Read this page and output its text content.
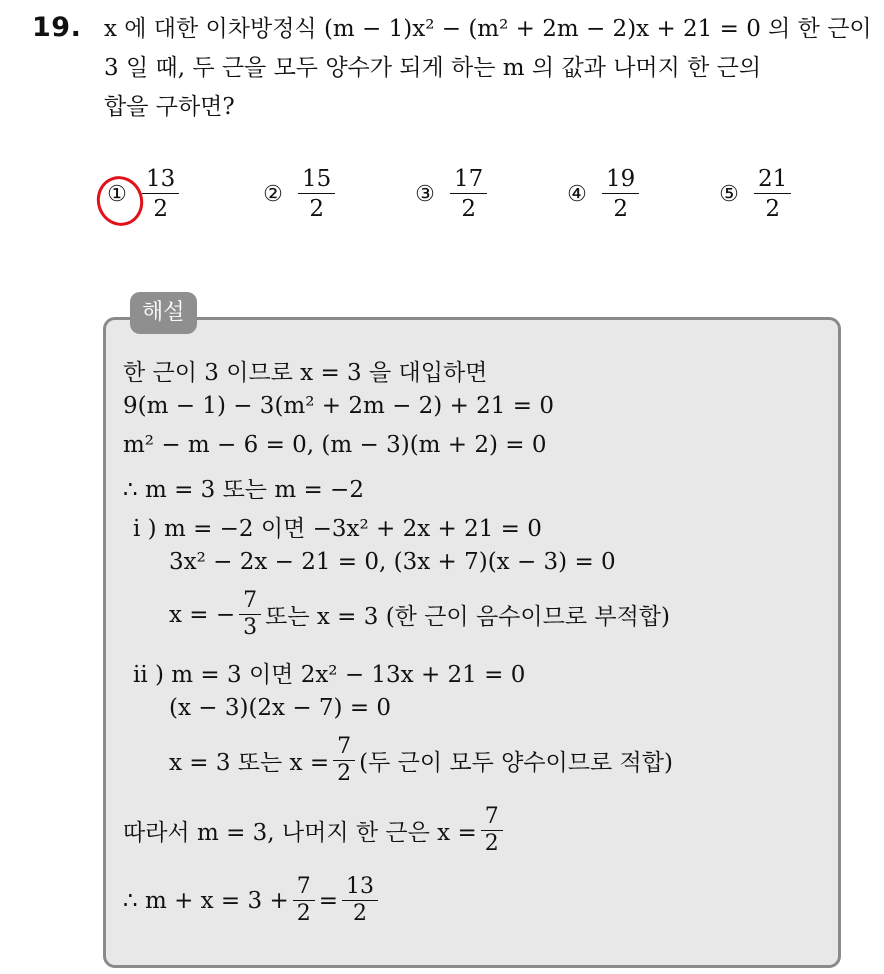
19. x 에 대한 이차방정식 (m − 1)x² − (m² + 2m − 2)x + 21 = 0 의 한 근이
3 일 때, 두 근을 모두 양수가 되게 하는 m 의 값과 나머지 한 근의
합을 구하면?
① $\frac{13}{2}$	② $\frac{15}{2}$	③ $\frac{17}{2}$	④ $\frac{19}{2}$	⑤ $\frac{21}{2}$
해설
한 근이 3 이므로 x = 3 을 대입하면
9(m − 1) − 3(m² + 2m − 2) + 21 = 0
m² − m − 6 = 0, (m − 3)(m + 2) = 0
∴ m = 3 또는 m = −2
i ) m = −2 이면 −3x² + 2x + 21 = 0
3x² − 2x − 21 = 0, (3x + 7)(x − 3) = 0
x = − $\frac{7}{3}$ 또는 x = 3 (한 근이 음수이므로 부적합)
ii ) m = 3 이면 2x² − 13x + 21 = 0
(x − 3)(2x − 7) = 0
x = 3 또는 $x = \frac{7}{2}$ (두 근이 모두 양수이므로 적합)
따라서 m = 3, 나머지 한 근은 $x = \frac{7}{2}$
∴ $m + x = 3 + \frac{7}{2} = \frac{13}{2}$
